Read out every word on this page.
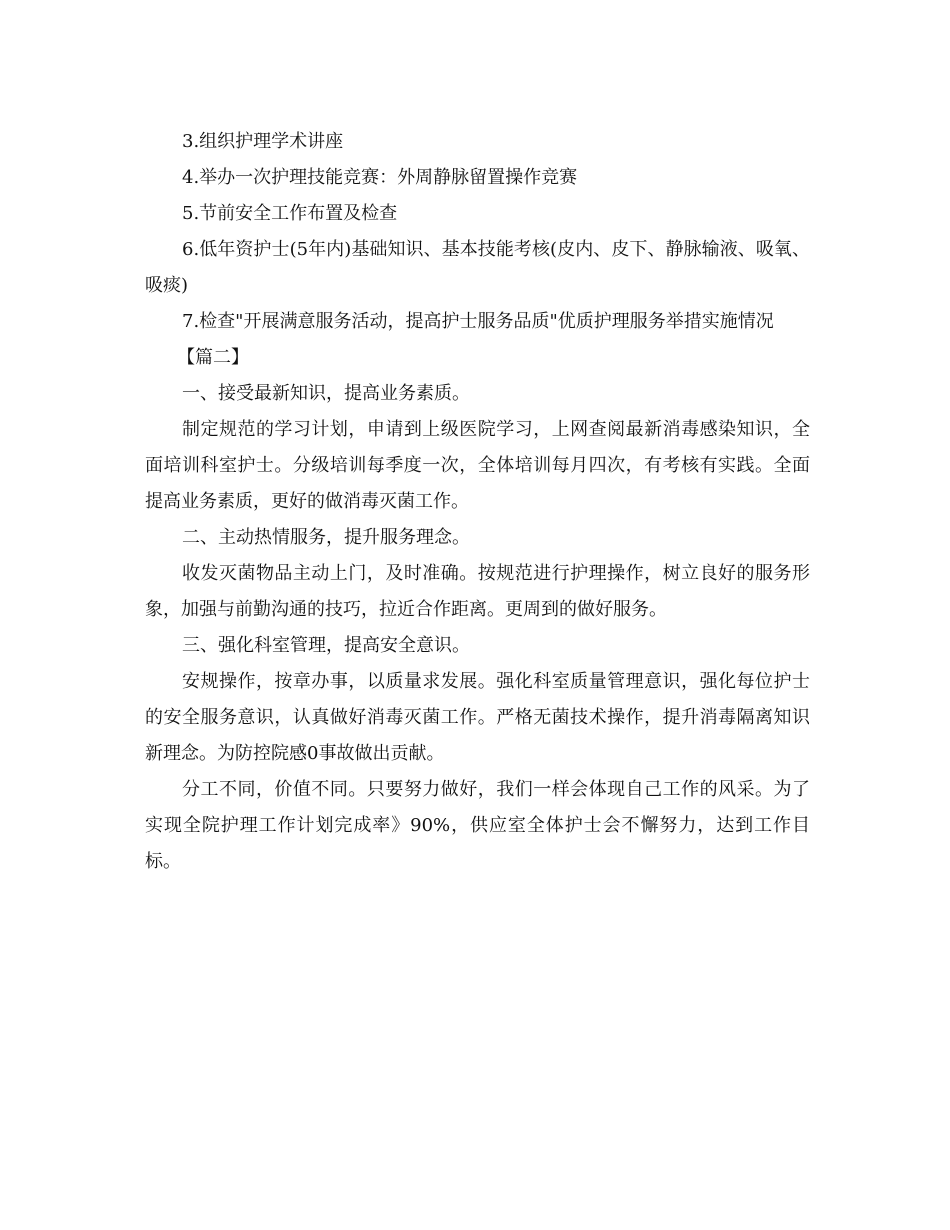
3.组织护理学术讲座

4.举办一次护理技能竞赛：外周静脉留置操作竞赛

5.节前安全工作布置及检查

6.低年资护士(5年内)基础知识、基本技能考核(皮内、皮下、静脉输液、吸氧、吸痰)

7.检查"开展满意服务活动，提高护士服务品质"优质护理服务举措实施情况

【篇二】

一、接受最新知识，提高业务素质。

制定规范的学习计划，申请到上级医院学习，上网查阅最新消毒感染知识，全面培训科室护士。分级培训每季度一次，全体培训每月四次，有考核有实践。全面提高业务素质，更好的做消毒灭菌工作。

二、主动热情服务，提升服务理念。

收发灭菌物品主动上门，及时准确。按规范进行护理操作，树立良好的服务形象，加强与前勤沟通的技巧，拉近合作距离。更周到的做好服务。

三、强化科室管理，提高安全意识。

安规操作，按章办事，以质量求发展。强化科室质量管理意识，强化每位护士的安全服务意识，认真做好消毒灭菌工作。严格无菌技术操作，提升消毒隔离知识新理念。为防控院感0事故做出贡献。

分工不同，价值不同。只要努力做好，我们一样会体现自己工作的风采。为了实现全院护理工作计划完成率》90%，供应室全体护士会不懈努力，达到工作目标。
